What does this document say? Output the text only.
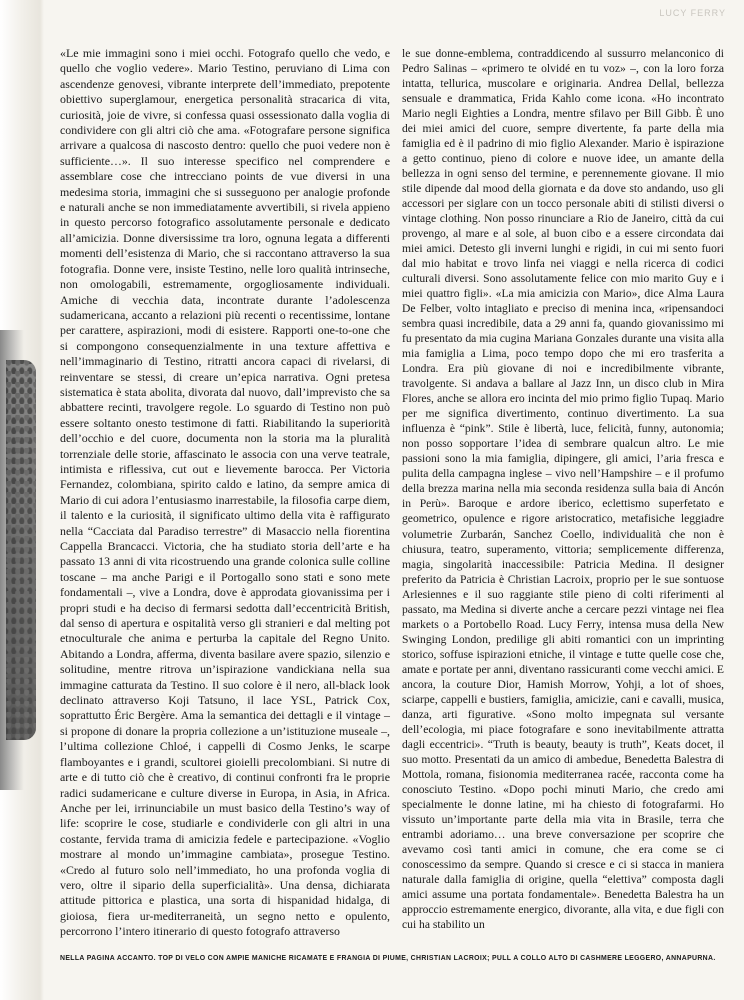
LUCY FERRY
«Le mie immagini sono i miei occhi. Fotografo quello che vedo, e quello che voglio vedere». Mario Testino, peruviano di Lima con ascendenze genovesi, vibrante interprete dell’immediato, prepotente obiettivo superglamour, energetica personalità stracarica di vita, curiosità, joie de vivre, si confessa quasi ossessionato dalla voglia di condividere con gli altri ciò che ama. «Fotografare persone significa arrivare a qualcosa di nascosto dentro: quello che puoi vedere non è sufficiente…». Il suo interesse specifico nel comprendere e assemblare cose che intrecciano points de vue diversi in una medesima storia, immagini che si susseguono per analogie profonde e naturali anche se non immediatamente avvertibili, si rivela appieno in questo percorso fotografico assolutamente personale e dedicato all’amicizia. Donne diversissime tra loro, ognuna legata a differenti momenti dell’esistenza di Mario, che si raccontano attraverso la sua fotografia. Donne vere, insiste Testino, nelle loro qualità intrinseche, non omologabili, estremamente, orgogliosamente individuali. Amiche di vecchia data, incontrate durante l’adolescenza sudamericana, accanto a relazioni più recenti o recentissime, lontane per carattere, aspirazioni, modi di esistere. Rapporti one-to-one che si compongono consequenzialmente in una texture affettiva e nell’immaginario di Testino, ritratti ancora capaci di rivelarsi, di reinventare se stessi, di creare un’epica narrativa. Ogni pretesa sistematica è stata abolita, divorata dal nuovo, dall’imprevisto che sa abbattere recinti, travolgere regole. Lo sguardo di Testino non può essere soltanto onesto testimone di fatti. Riabilitando la superiorità dell’occhio e del cuore, documenta non la storia ma la pluralità torrenziale delle storie, affascinato le associa con una verve teatrale, intimista e riflessiva, cut out e lievemente barocca. Per Victoria Fernandez, colombiana, spirito caldo e latino, da sempre amica di Mario di cui adora l’entusiasmo inarrestabile, la filosofia carpe diem, il talento e la curiosità, il significato ultimo della vita è raffigurato nella “Cacciata dal Paradiso terrestre” di Masaccio nella fiorentina Cappella Brancacci. Victoria, che ha studiato storia dell’arte e ha passato 13 anni di vita ricostruendo una grande colonica sulle colline toscane – ma anche Parigi e il Portogallo sono stati e sono mete fondamentali –, vive a Londra, dove è approdata giovanissima per i propri studi e ha deciso di fermarsi sedotta dall’eccentricità British, dal senso di apertura e ospitalità verso gli stranieri e dal melting pot etnoculturale che anima e perturba la capitale del Regno Unito. Abitando a Londra, afferma, diventa basilare avere spazio, silenzio e solitudine, mentre ritrova un’ispirazione vandickiana nella sua immagine catturata da Testino. Il suo colore è il nero, all-black look declinato attraverso Koji Tatsuno, il lace YSL, Patrick Cox, soprattutto Éric Bergère. Ama la semantica dei dettagli e il vintage – si propone di donare la propria collezione a un’istituzione museale –, l’ultima collezione Chloé, i cappelli di Cosmo Jenks, le scarpe flamboyantes e i grandi, scultorei gioielli precolombiani. Si nutre di arte e di tutto ciò che è creativo, di continui confronti fra le proprie radici sudamericane e culture diverse in Europa, in Asia, in Africa. Anche per lei, irrinunciabile un must basico della Testino’s way of life: scoprire le cose, studiarle e condividerle con gli altri in una costante, fervida trama di amicizia fedele e partecipazione. «Voglio mostrare al mondo un’immagine cambiata», prosegue Testino. «Credo al futuro solo nell’immediato, ho una profonda voglia di vero, oltre il sipario della superficialità». Una densa, dichiarata attitude pittorica e plastica, una sorta di hispanidad hidalga, di gioiosa, fiera ur-mediterraneità, un segno netto e opulento, percorrono l’intero itinerario di questo fotografo attraverso
le sue donne-emblema, contraddicendo al sussurro melanconico di Pedro Salinas – «primero te olvidé en tu voz» –, con la loro forza intatta, tellurica, muscolare e originaria. Andrea Dellal, bellezza sensuale e drammatica, Frida Kahlo come icona. «Ho incontrato Mario negli Eighties a Londra, mentre sfilavo per Bill Gibb. È uno dei miei amici del cuore, sempre divertente, fa parte della mia famiglia ed è il padrino di mio figlio Alexander. Mario è ispirazione a getto continuo, pieno di colore e nuove idee, un amante della bellezza in ogni senso del termine, e perennemente giovane. Il mio stile dipende dal mood della giornata e da dove sto andando, uso gli accessori per siglare con un tocco personale abiti di stilisti diversi o vintage clothing. Non posso rinunciare a Rio de Janeiro, città da cui provengo, al mare e al sole, al buon cibo e a essere circondata dai miei amici. Detesto gli inverni lunghi e rigidi, in cui mi sento fuori dal mio habitat e trovo linfa nei viaggi e nella ricerca di codici culturali diversi. Sono assolutamente felice con mio marito Guy e i miei quattro figli». «La mia amicizia con Mario», dice Alma Laura De Felber, volto intagliato e preciso di menina inca, «ripensandoci sembra quasi incredibile, data a 29 anni fa, quando giovanissimo mi fu presentato da mia cugina Mariana Gonzales durante una visita alla mia famiglia a Lima, poco tempo dopo che mi ero trasferita a Londra. Era più giovane di noi e incredibilmente vibrante, travolgente. Si andava a ballare al Jazz Inn, un disco club in Mira Flores, anche se allora ero incinta del mio primo figlio Tupaq. Mario per me significa divertimento, continuo divertimento. La sua influenza è “pink”. Stile è libertà, luce, felicità, funny, autonomia; non posso sopportare l’idea di sembrare qualcun altro. Le mie passioni sono la mia famiglia, dipingere, gli amici, l’aria fresca e pulita della campagna inglese – vivo nell’Hampshire – e il profumo della brezza marina nella mia seconda residenza sulla baia di Ancón in Perù». Baroque e ardore iberico, eclettismo superfetato e geometrico, opulence e rigore aristocratico, metafisiche leggiadre volumetrie Zurbarán, Sanchez Coello, individualità che non è chiusura, teatro, superamento, vittoria; semplicemente differenza, magia, singolarità inaccessibile: Patricia Medina. Il designer preferito da Patricia è Christian Lacroix, proprio per le sue sontuose Arlesiennes e il suo raggiante stile pieno di colti riferimenti al passato, ma Medina si diverte anche a cercare pezzi vintage nei flea markets o a Portobello Road. Lucy Ferry, intensa musa della New Swinging London, predilige gli abiti romantici con un imprinting storico, soffuse ispirazioni etniche, il vintage e tutte quelle cose che, amate e portate per anni, diventano rassicuranti come vecchi amici. E ancora, la couture Dior, Hamish Morrow, Yohji, a lot of shoes, sciarpe, cappelli e bustiers, famiglia, amicizie, cani e cavalli, musica, danza, arti figurative. «Sono molto impegnata sul versante dell’ecologia, mi piace fotografare e sono inevitabilmente attratta dagli eccentrici». “Truth is beauty, beauty is truth”, Keats docet, il suo motto. Presentati da un amico di ambedue, Benedetta Balestra di Mottola, romana, fisionomia mediterranea racée, racconta come ha conosciuto Testino. «Dopo pochi minuti Mario, che credo ami specialmente le donne latine, mi ha chiesto di fotografarmi. Ho vissuto un’importante parte della mia vita in Brasile, terra che entrambi adoriamo… una breve conversazione per scoprire che avevamo così tanti amici in comune, che era come se ci conoscessimo da sempre. Quando si cresce e ci si stacca in maniera naturale dalla famiglia di origine, quella “elettiva” composta dagli amici assume una portata fondamentale». Benedetta Balestra ha un approccio estremamente energico, divorante, alla vita, e due figli con cui ha stabilito un
NELLA PAGINA ACCANTO. TOP DI VELO CON AMPIE MANICHE RICAMATE E FRANGIA DI PIUME, CHRISTIAN LACROIX; PULL A COLLO ALTO DI CASHMERE LEGGERO, ANNAPURNA.
